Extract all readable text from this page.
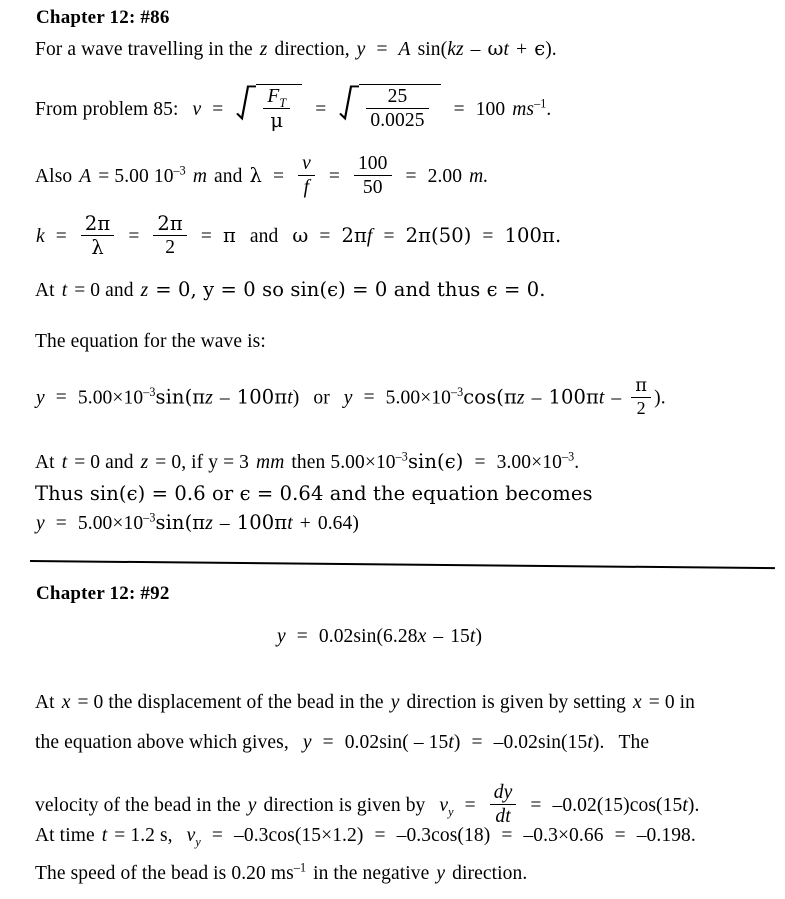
Chapter 12: #86
For a wave travelling in the z direction, y = A sin(kz – ωt + ϵ).
From problem 85: $v = \frac{F_T}{\mu} = \frac{25}{0.0025} = 100$ $ms^{-1}$.
Also A = 5.00 $10^{-3}$ m and $\lambda = \frac{v}{f} = \frac{100}{50} = 2.00$ m.
$k = \frac{2\pi}{\lambda} = \frac{2\pi}{2} = \pi$ and ω = 2πf = 2π(50) = 100π.
At t = 0 and z = 0, y = 0 so sin(ϵ) = 0 and thus ϵ = 0.
The equation for the wave is:
$y = 5.00\times 10^{-3}\sin(\pi z - 100\pi t)$ or $y = 5.00\times 10^{-3}\cos(\pi z - 100\pi t - \frac{\pi}{2}$ ).
At t = 0 and z = 0, if y = 3 mm then $5.00\times 10^{-3}\sin(\epsilon) = 3.00\times 10^{-3}$.
Thus sin(ϵ) = 0.6 or ϵ = 0.64 and the equation becomes
$y = 5.00\times 10^{-3}\sin(\pi z - 100\pi t + 0.64)$
Chapter 12: #92
y = 0.02sin(6.28x – 15t)
At x = 0 the displacement of the bead in the y direction is given by setting x = 0 in
the equation above which gives, y = 0.02sin( – 15t) = –0.02sin(15t). The
velocity of the bead in the y direction is given by $v_y = \frac{dy}{dt} = -0.02(15)\cos(15t)$.
At time t = 1.2 s, $v_y = -0.3\cos(15\times 1.2) = -0.3\cos(18) = -0.3\times 0.66 = -0.198$.
The speed of the bead is 0.20 $ms^{-1}$ in the negative y direction.
